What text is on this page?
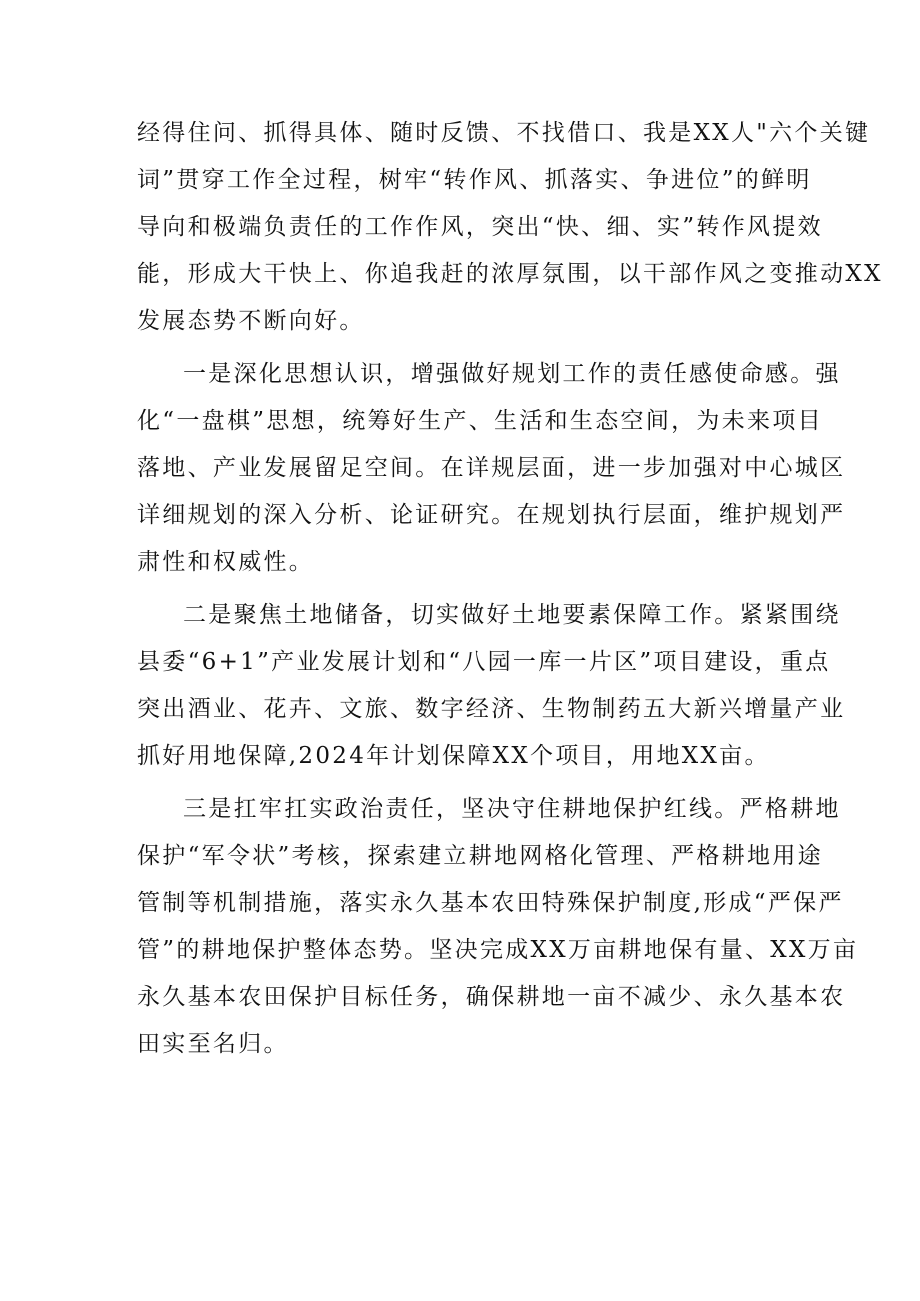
经得住问、抓得具体、随时反馈、不找借口、我是XX人"六个关键
词”贯穿工作全过程，树牢“转作风、抓落实、争进位”的鲜明
导向和极端负责任的工作作风，突出“快、细、实”转作风提效
能，形成大干快上、你追我赶的浓厚氛围，以干部作风之变推动XX
发展态势不断向好。
一是深化思想认识，增强做好规划工作的责任感使命感。强
化“一盘棋”思想，统筹好生产、生活和生态空间，为未来项目
落地、产业发展留足空间。在详规层面，进一步加强对中心城区
详细规划的深入分析、论证研究。在规划执行层面，维护规划严
肃性和权威性。
二是聚焦土地储备，切实做好土地要素保障工作。紧紧围绕
县委“6+1”产业发展计划和“八园一库一片区”项目建设，重点
突出酒业、花卉、文旅、数字经济、生物制药五大新兴增量产业
抓好用地保障,2024年计划保障XX个项目，用地XX亩。
三是扛牢扛实政治责任，坚决守住耕地保护红线。严格耕地
保护“军令状”考核，探索建立耕地网格化管理、严格耕地用途
管制等机制措施，落实永久基本农田特殊保护制度,形成“严保严
管”的耕地保护整体态势。坚决完成XX万亩耕地保有量、XX万亩
永久基本农田保护目标任务，确保耕地一亩不减少、永久基本农
田实至名归。
